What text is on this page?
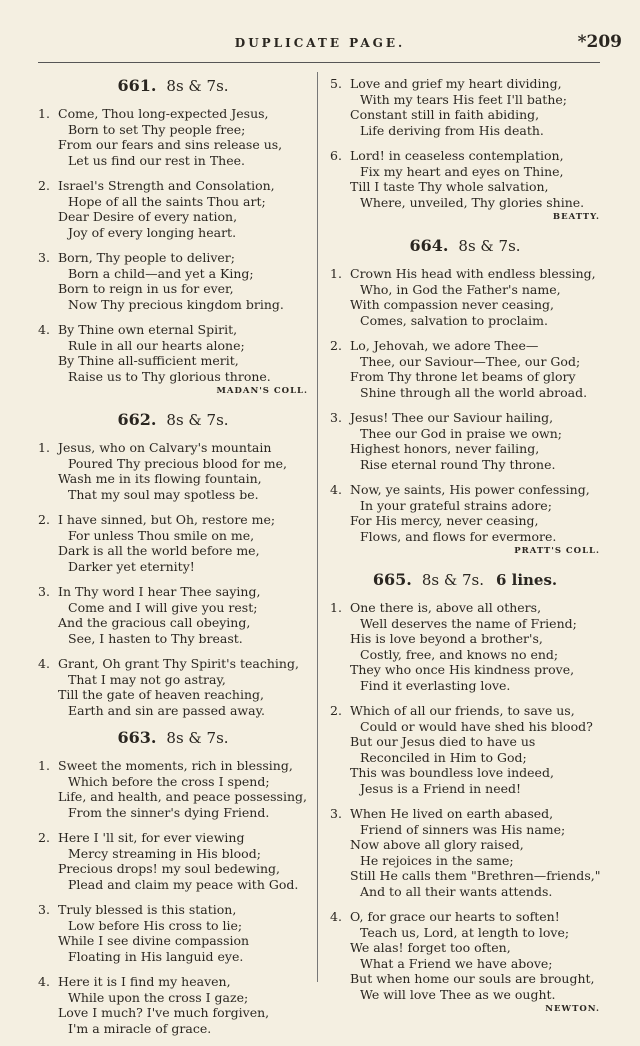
DUPLICATE PAGE.	*209
661. 8s & 7s.
1. Come, Thou long-expected Jesus,
Born to set Thy people free;
From our fears and sins release us,
Let us find our rest in Thee.
2. Israel's Strength and Consolation,
Hope of all the saints Thou art;
Dear Desire of every nation,
Joy of every longing heart.
3. Born, Thy people to deliver;
Born a child—and yet a King;
Born to reign in us for ever,
Now Thy precious kingdom bring.
4. By Thine own eternal Spirit,
Rule in all our hearts alone;
By Thine all-sufficient merit,
Raise us to Thy glorious throne.
MADAN'S COLL.
662. 8s & 7s.
1. Jesus, who on Calvary's mountain
Poured Thy precious blood for me,
Wash me in its flowing fountain,
That my soul may spotless be.
2. I have sinned, but Oh, restore me;
For unless Thou smile on me,
Dark is all the world before me,
Darker yet eternity!
3. In Thy word I hear Thee saying,
Come and I will give you rest;
And the gracious call obeying,
See, I hasten to Thy breast.
4. Grant, Oh grant Thy Spirit's teaching,
That I may not go astray,
Till the gate of heaven reaching,
Earth and sin are passed away.
663. 8s & 7s.
1. Sweet the moments, rich in blessing,
Which before the cross I spend;
Life, and health, and peace possessing,
From the sinner's dying Friend.
2. Here I 'll sit, for ever viewing
Mercy streaming in His blood;
Precious drops! my soul bedewing,
Plead and claim my peace with God.
3. Truly blessed is this station,
Low before His cross to lie;
While I see divine compassion
Floating in His languid eye.
4. Here it is I find my heaven,
While upon the cross I gaze;
Love I much? I've much forgiven,
I'm a miracle of grace.
5. Love and grief my heart dividing,
With my tears His feet I'll bathe;
Constant still in faith abiding,
Life deriving from His death.
6. Lord! in ceaseless contemplation,
Fix my heart and eyes on Thine,
Till I taste Thy whole salvation,
Where, unveiled, Thy glories shine.
BEATTY.
664. 8s & 7s.
1. Crown His head with endless blessing,
Who, in God the Father's name,
With compassion never ceasing,
Comes, salvation to proclaim.
2. Lo, Jehovah, we adore Thee—
Thee, our Saviour—Thee, our God;
From Thy throne let beams of glory
Shine through all the world abroad.
3. Jesus! Thee our Saviour hailing,
Thee our God in praise we own;
Highest honors, never failing,
Rise eternal round Thy throne.
4. Now, ye saints, His power confessing,
In your grateful strains adore;
For His mercy, never ceasing,
Flows, and flows for evermore.
PRATT'S COLL.
665. 8s & 7s. 6 lines.
1. One there is, above all others,
Well deserves the name of Friend;
His is love beyond a brother's,
Costly, free, and knows no end;
They who once His kindness prove,
Find it everlasting love.
2. Which of all our friends, to save us,
Could or would have shed his blood?
But our Jesus died to have us
Reconciled in Him to God;
This was boundless love indeed,
Jesus is a Friend in need!
3. When He lived on earth abased,
Friend of sinners was His name;
Now above all glory raised,
He rejoices in the same;
Still He calls them "Brethren—friends,"
And to all their wants attends.
4. O, for grace our hearts to soften!
Teach us, Lord, at length to love;
We alas! forget too often,
What a Friend we have above;
But when home our souls are brought,
We will love Thee as we ought.
NEWTON.
